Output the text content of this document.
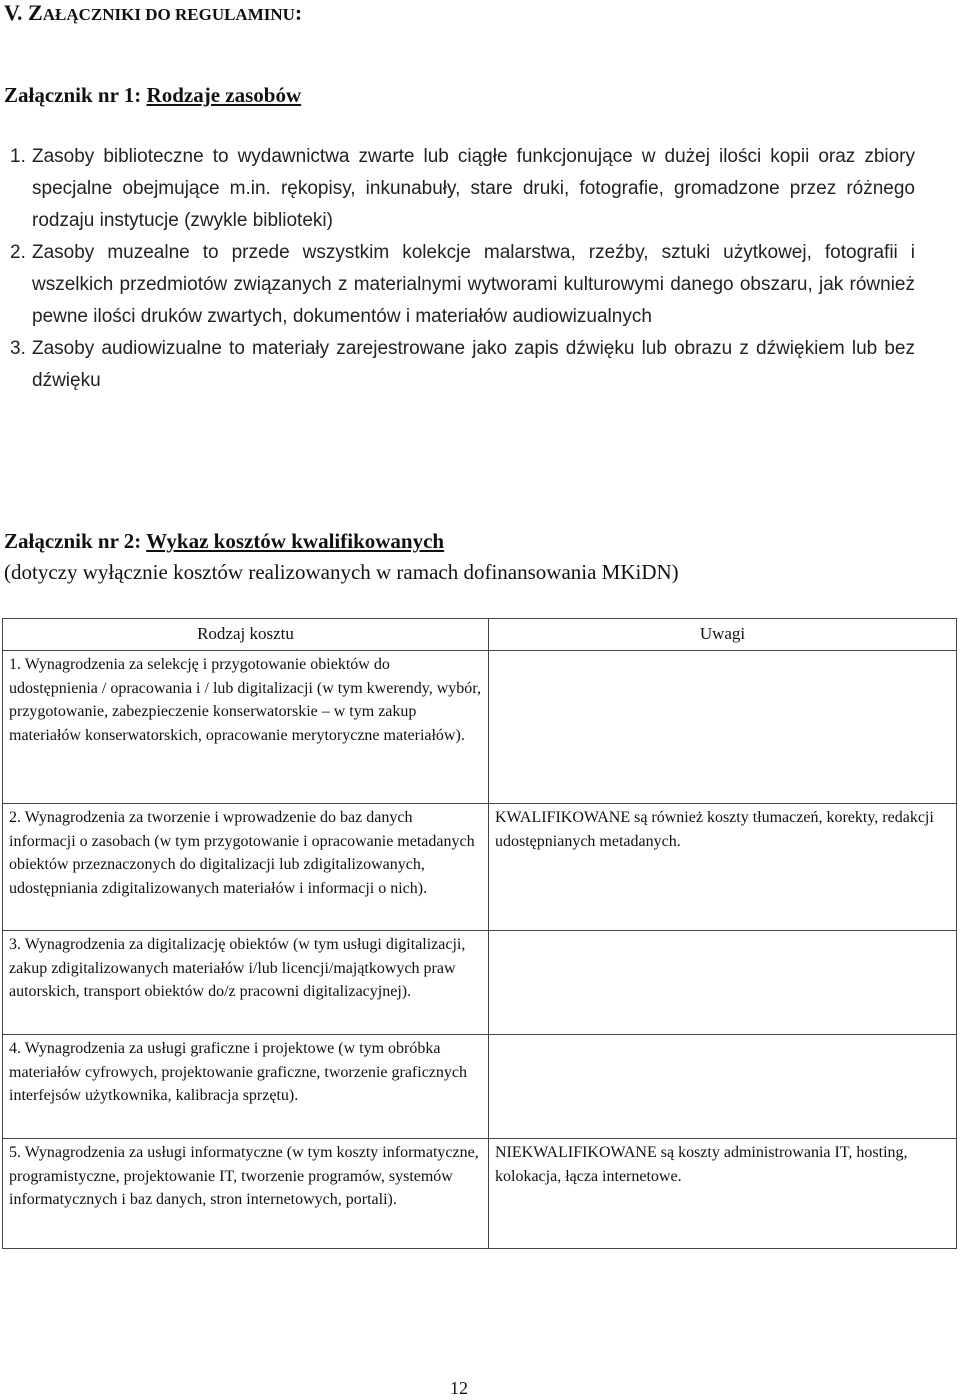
V. ZAŁĄCZNIKI DO REGULAMINU:
Załącznik nr 1: Rodzaje zasobów
1. Zasoby biblioteczne to wydawnictwa zwarte lub ciągłe funkcjonujące w dużej ilości kopii oraz zbiory specjalne obejmujące m.in. rękopisy, inkunabuły, stare druki, fotografie, gromadzone przez różnego rodzaju instytucje (zwykle biblioteki)
2. Zasoby muzealne to przede wszystkim kolekcje malarstwa, rzeźby, sztuki użytkowej, fotografii i wszelkich przedmiotów związanych z materialnymi wytworami kulturowymi danego obszaru, jak również pewne ilości druków zwartych, dokumentów i materiałów audiowizualnych
3. Zasoby audiowizualne to materiały zarejestrowane jako zapis dźwięku lub obrazu z dźwiękiem lub bez dźwięku
Załącznik nr 2: Wykaz kosztów kwalifikowanych
(dotyczy wyłącznie kosztów realizowanych w ramach dofinansowania MKiDN)
Rodzaj kosztu	Uwagi
1. Wynagrodzenia za selekcję i przygotowanie obiektów do udostępnienia / opracowania i / lub digitalizacji (w tym kwerendy, wybór, przygotowanie, zabezpieczenie konserwatorskie – w tym zakup materiałów konserwatorskich, opracowanie merytoryczne materiałów).	
2. Wynagrodzenia za tworzenie i wprowadzenie do baz danych informacji o zasobach (w tym przygotowanie i opracowanie metadanych obiektów przeznaczonych do digitalizacji lub zdigitalizowanych, udostępniania zdigitalizowanych materiałów i informacji o nich).	KWALIFIKOWANE są również koszty tłumaczeń, korekty, redakcji udostępnianych metadanych.
3. Wynagrodzenia za digitalizację obiektów (w tym usługi digitalizacji, zakup zdigitalizowanych materiałów i/lub licencji/majątkowych praw autorskich, transport obiektów do/z pracowni digitalizacyjnej).	
4. Wynagrodzenia za usługi graficzne i projektowe (w tym obróbka materiałów cyfrowych, projektowanie graficzne, tworzenie graficznych interfejsów użytkownika, kalibracja sprzętu).	
5. Wynagrodzenia za usługi informatyczne (w tym koszty informatyczne, programistyczne, projektowanie IT, tworzenie programów, systemów informatycznych i baz danych, stron internetowych, portali).	NIEKWALIFIKOWANE są koszty administrowania IT, hosting, kolokacja, łącza internetowe.
12
